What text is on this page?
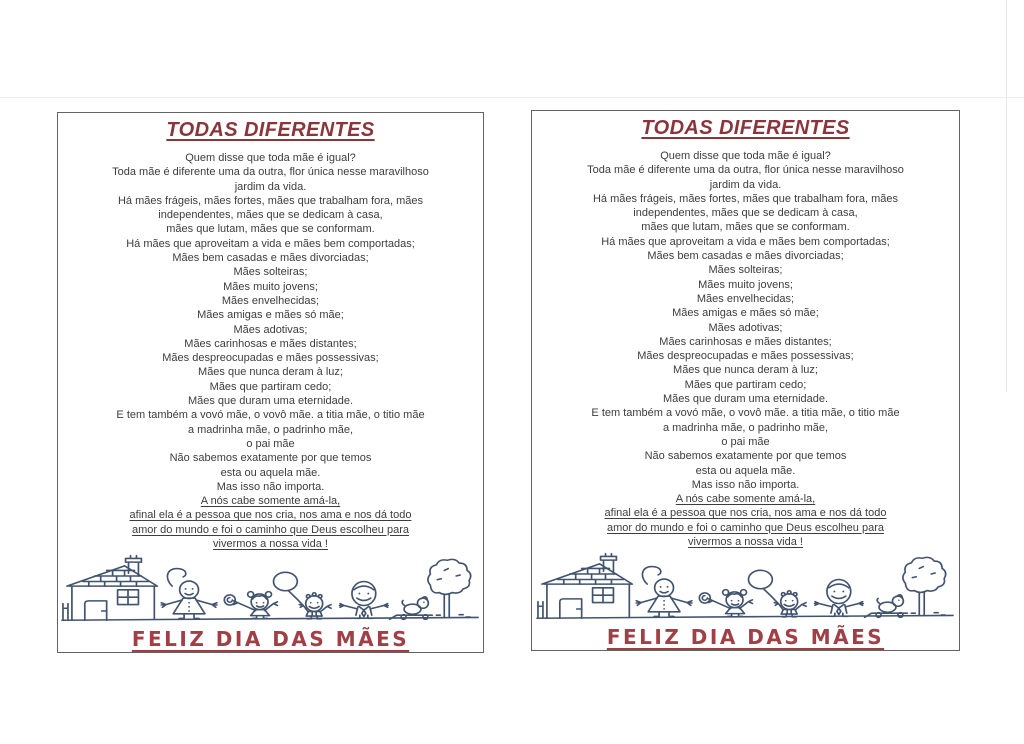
TODAS DIFERENTES
Quem disse que toda mãe é igual?
Toda mãe é diferente uma da outra, flor única nesse maravilhoso
jardim da vida.
Há mães frágeis, mães fortes, mães que trabalham fora, mães
independentes, mães que se dedicam à casa,
mães que lutam, mães que se conformam.
Há mães que aproveitam a vida e mães bem comportadas;
Mães bem casadas e mães divorciadas;
Mães solteiras;
Mães muito jovens;
Mães envelhecidas;
Mães amigas e mães só mãe;
Mães adotivas;
Mães carinhosas e mães distantes;
Mães despreocupadas e mães possessivas;
Mães que nunca deram à luz;
Mães que partiram cedo;
Mães que duram uma eternidade.
E tem também a vovó mãe, o vovô mãe. a titia mãe, o titio mãe
a madrinha mãe, o padrinho mãe,
o pai mãe
Não sabemos exatamente por que temos
esta ou aquela mãe.
Mas isso não importa.
A nós cabe somente amá-la,
afinal ela é a pessoa que nos cria, nos ama e nos dá todo
amor do mundo e foi o caminho que Deus escolheu para
vivermos a nossa vida !
FELIZ DIA DAS MÃES
TODAS DIFERENTES
Quem disse que toda mãe é igual?
Toda mãe é diferente uma da outra, flor única nesse maravilhoso
jardim da vida.
Há mães frágeis, mães fortes, mães que trabalham fora, mães
independentes, mães que se dedicam à casa,
mães que lutam, mães que se conformam.
Há mães que aproveitam a vida e mães bem comportadas;
Mães bem casadas e mães divorciadas;
Mães solteiras;
Mães muito jovens;
Mães envelhecidas;
Mães amigas e mães só mãe;
Mães adotivas;
Mães carinhosas e mães distantes;
Mães despreocupadas e mães possessivas;
Mães que nunca deram à luz;
Mães que partiram cedo;
Mães que duram uma eternidade.
E tem também a vovó mãe, o vovô mãe. a titia mãe, o titio mãe
a madrinha mãe, o padrinho mãe,
o pai mãe
Não sabemos exatamente por que temos
esta ou aquela mãe.
Mas isso não importa.
A nós cabe somente amá-la,
afinal ela é a pessoa que nos cria, nos ama e nos dá todo
amor do mundo e foi o caminho que Deus escolheu para
vivermos a nossa vida !
FELIZ DIA DAS MÃES
